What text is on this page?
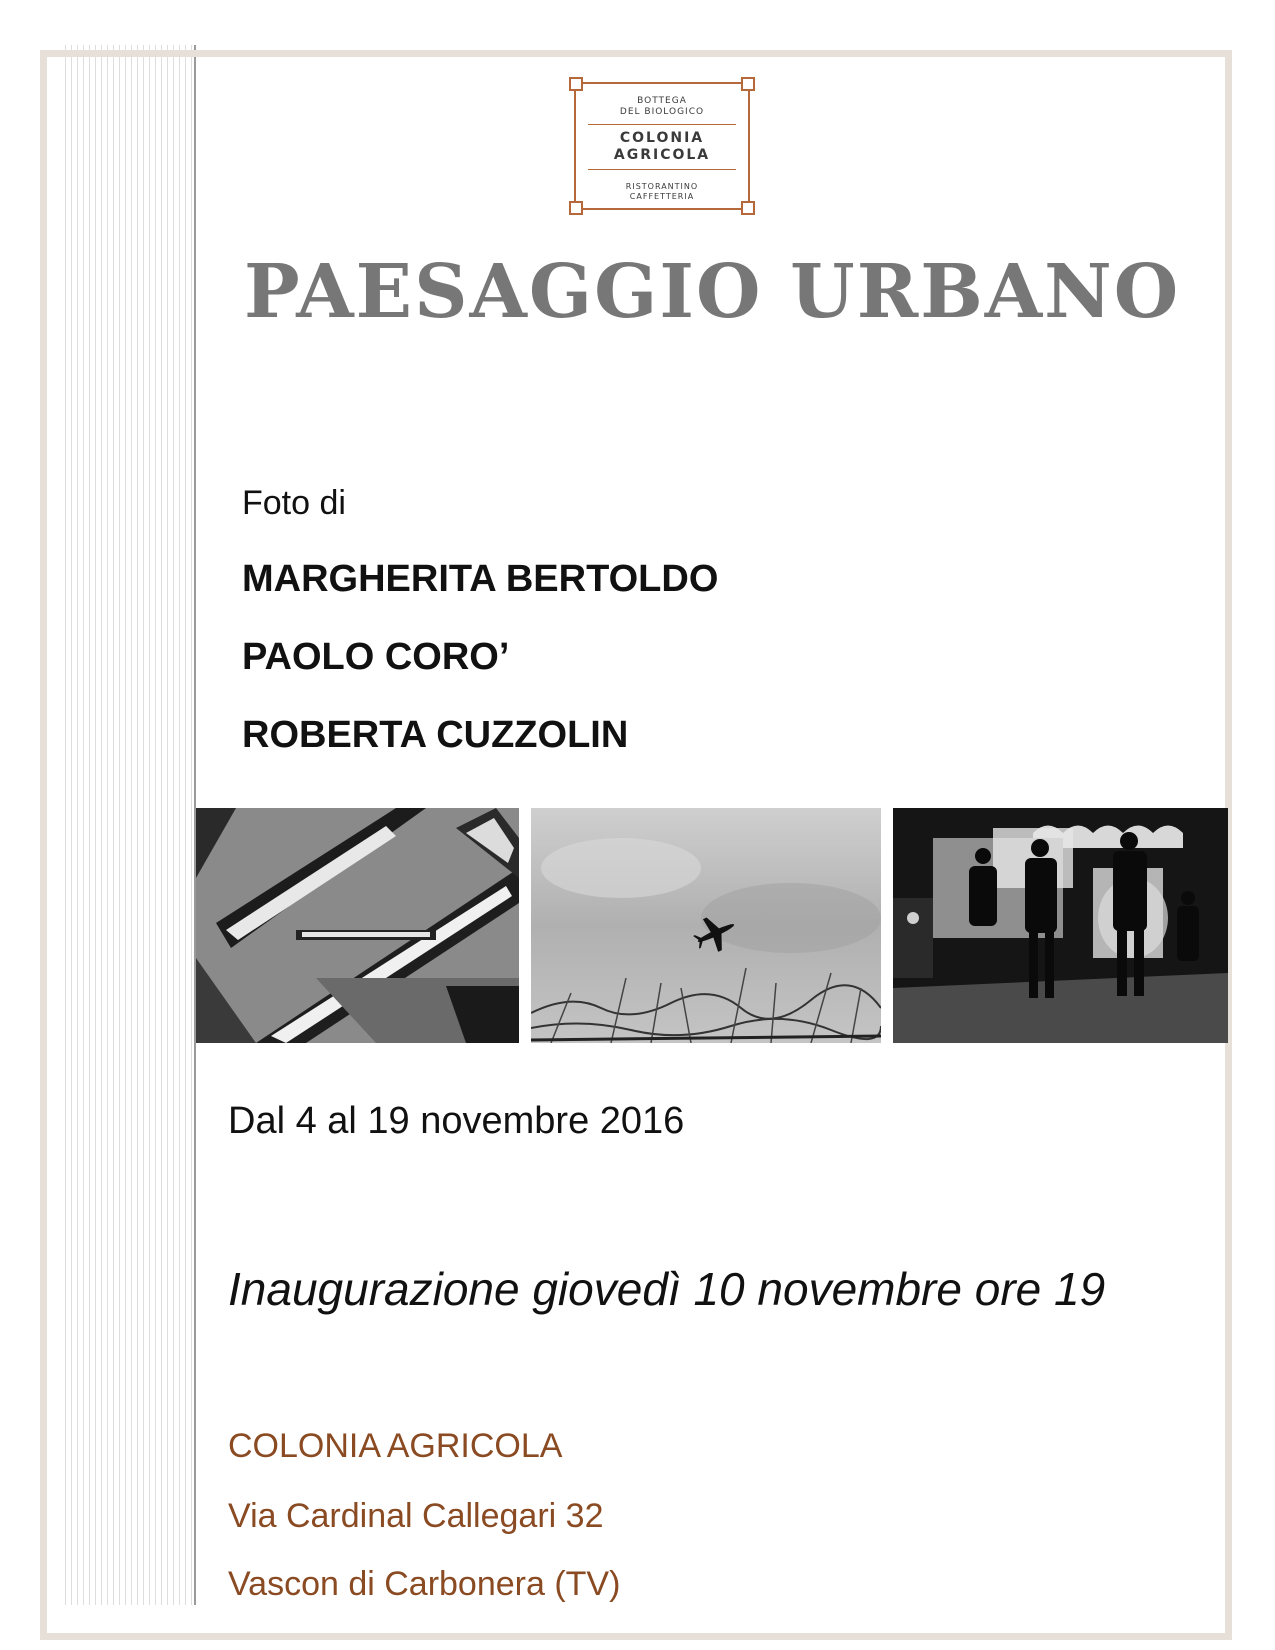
BOTTEGA
DEL BIOLOGICO
COLONIA
AGRICOLA
RISTORANTINO
CAFFETTERIA
PAESAGGIO URBANO
Foto di
MARGHERITA BERTOLDO
PAOLO CORO’
ROBERTA CUZZOLIN
Dal 4 al 19 novembre 2016
Inaugurazione giovedì 10 novembre ore 19
COLONIA AGRICOLA
Via Cardinal Callegari 32
Vascon di Carbonera (TV)
